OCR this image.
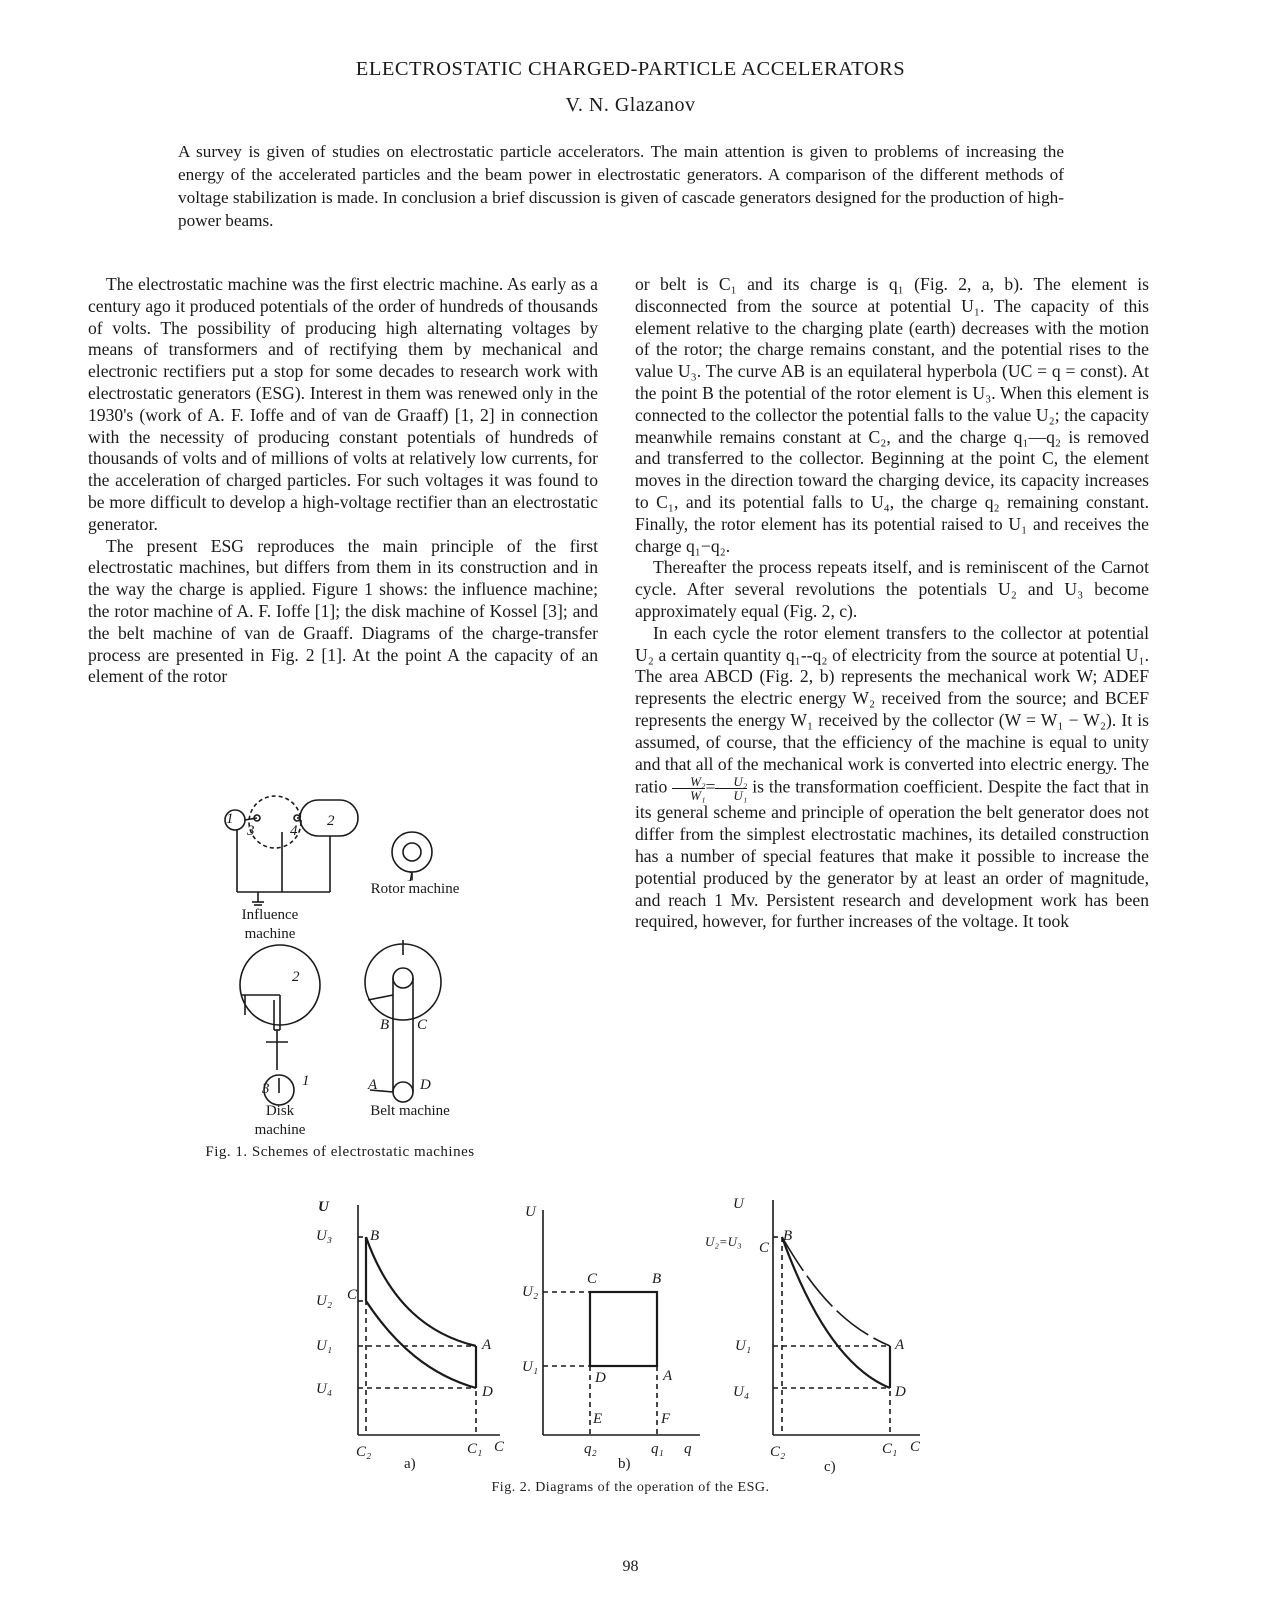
ELECTROSTATIC CHARGED-PARTICLE ACCELERATORS
V. N. Glazanov
A survey is given of studies on electrostatic particle accelerators. The main attention is given to problems of increasing the energy of the accelerated particles and the beam power in electrostatic generators. A comparison of the different methods of voltage stabilization is made. In conclusion a brief discussion is given of cascade generators designed for the production of high-power beams.

The electrostatic machine was the first electric machine. As early as a century ago it produced potentials of the order of hundreds of thousands of volts. The possibility of producing high alternating voltages by means of transformers and of rectifying them by mechanical and electronic rectifiers put a stop for some decades to research work with electrostatic generators (ESG). Interest in them was renewed only in the 1930's (work of A. F. Ioffe and of van de Graaff) [1, 2] in connection with the necessity of producing constant potentials of hundreds of thousands of volts and of millions of volts at relatively low currents, for the acceleration of charged particles. For such voltages it was found to be more difficult to develop a high-voltage rectifier than an electrostatic generator.

The present ESG reproduces the main principle of the first electrostatic machines, but differs from them in its construction and in the way the charge is applied. Figure 1 shows: the influence machine; the rotor machine of A. F. Ioffe [1]; the disk machine of Kossel [3]; and the belt machine of van de Graaff. Diagrams of the charge-transfer process are presented in Fig. 2 [1]. At the point A the capacity of an element of the rotor

or belt is C₁ and its charge is q₁ (Fig. 2, a, b). The element is disconnected from the source at potential U₁. The capacity of this element relative to the charging plate (earth) decreases with the motion of the rotor; the charge remains constant, and the potential rises to the value U₃. The curve AB is an equilateral hyperbola (UC = q = const). At the point B the potential of the rotor element is U₃. When this element is connected to the collector the potential falls to the value U₂; the capacity meanwhile remains constant at C₂, and the charge q₁—q₂ is removed and transferred to the collector. Beginning at the point C, the element moves in the direction toward the charging device, its capacity increases to C₁, and its potential falls to U₄, the charge q₂ remaining constant. Finally, the rotor element has its potential raised to U₁ and receives the charge q₁−q₂.

Thereafter the process repeats itself, and is reminiscent of the Carnot cycle. After several revolutions the potentials U₂ and U₃ become approximately equal (Fig. 2, c).

In each cycle the rotor element transfers to the collector at potential U₂ a certain quantity q₁--q₂ of electricity from the source at potential U₁. The area ABCD (Fig. 2, b) represents the mechanical work W; ADEF represents the electric energy W₂ received from the source; and BCEF represents the energy W₁ received by the collector (W = W₁ − W₂). It is assumed, of course, that the efficiency of the machine is equal to unity and that all of the mechanical work is converted into electric energy. The ratio $\frac{\text{W₂}}{\text{W₁}} = \frac{\text{U₂}}{\text{U₁}}$ is the transformation coefficient. Despite the fact that in its general scheme and principle of operation the belt generator does not differ from the simplest electrostatic machines, its detailed construction has a number of special features that make it possible to increase the potential produced by the generator by at least an order of magnitude, and reach 1 Mv. Persistent research and development work has been required, however, for further increases of the voltage. It took

1	2
3 4
1
2
1
3
B C
A	D
Rotor machine
Influence machine
Disk machine
Belt machine
Fig. 1. Schemes of electrostatic machines
U
U₃
U₂
U₁
U₄
B
C
A
D
C₂	C₁ C
a)
U
U₂
U₁
C	B
D	A
E	F
q₂	q₁ q
b)
U
U₂=U₃
U₁
U₄
C
B
A
D
C₂	C₁ C
c)
Fig. 2. Diagrams of the operation of the ESG.
98
